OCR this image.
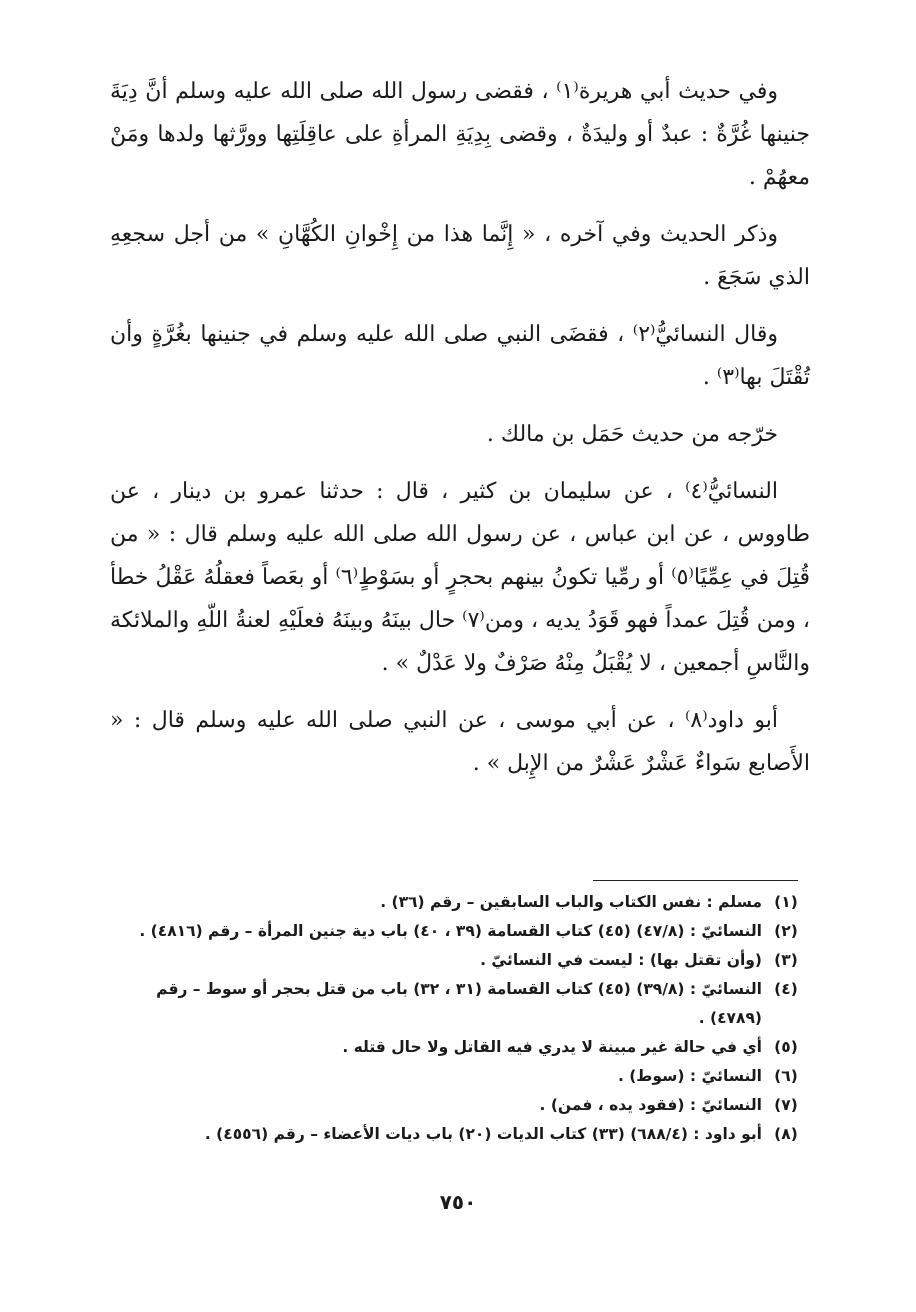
وفي حديث أبي هريرة⁽١⁾ ، فقضى رسول الله صلى الله عليه وسلم أنَّ دِيَةَ جنينها غُرَّةٌ : عبدٌ أو وليدَةٌ ، وقضى بِدِيَةِ المرأةِ على عاقِلَتِها وورَّثها ولدها ومَنْ معهُمْ .

وذكر الحديث وفي آخره ، « إِنَّما هذا من إِخْوانِ الكُهَّانِ » من أجل سجعِهِ الذي سَجَعَ .

وقال النسائيُّ⁽٢⁾ ، فقضَى النبي صلى الله عليه وسلم في جنينها بغُرَّةٍ وأن تُقْتَلَ بها⁽٣⁾ .

خرّجه من حديث حَمَل بن مالك .

النسائيُّ⁽٤⁾ ، عن سليمان بن كثير ، قال : حدثنا عمرو بن دينار ، عن طاووس ، عن ابن عباس ، عن رسول الله صلى الله عليه وسلم قال : « من قُتِلَ في عِمِّيًا⁽٥⁾ أو رمِّيا تكونُ بينهم بحجرٍ أو بسَوْطٍ⁽٦⁾ أو بعَصاً فعقلُهُ عَقْلُ خطأ ، ومن قُتِلَ عمداً فهو قَوَدُ يديه ، ومن⁽٧⁾ حال بينَهُ وبينَهُ فعلَيْهِ لعنةُ اللّهِ والملائكة والنَّاسِ أجمعين ، لا يُقْبَلُ مِنْهُ صَرْفٌ ولا عَدْلٌ » .

أبو داود⁽٨⁾ ، عن أبي موسى ، عن النبي صلى الله عليه وسلم قال : « الأَصابع سَواءٌ عَشْرٌ عَشْرٌ من الإِبل » .

(١)
مسلم : نفس الكتاب والباب السابقين – رقم (٣٦) .
(٢)
النسائيّ : (٤٧/٨) (٤٥) كتاب القسامة (٣٩ ، ٤٠) باب دية جنين المرأة – رقم (٤٨١٦) .
(٣)
(وأن تقتل بها) : ليست في النسائيّ .
(٤)
النسائيّ : (٣٩/٨) (٤٥) كتاب القسامة (٣١ ، ٣٢) باب من قتل بحجر أو سوط – رقم (٤٧٨٩) .
(٥)
أي في حالة غير مبينة لا يدري فيه القاتل ولا حال قتله .
(٦)
النسائيّ : (سوط) .
(٧)
النسائيّ : (فقود يده ، فمن) .
(٨)
أبو داود : (٦٨٨/٤) (٣٣) كتاب الديات (٢٠) باب ديات الأعضاء – رقم (٤٥٥٦) .
٧٥٠
